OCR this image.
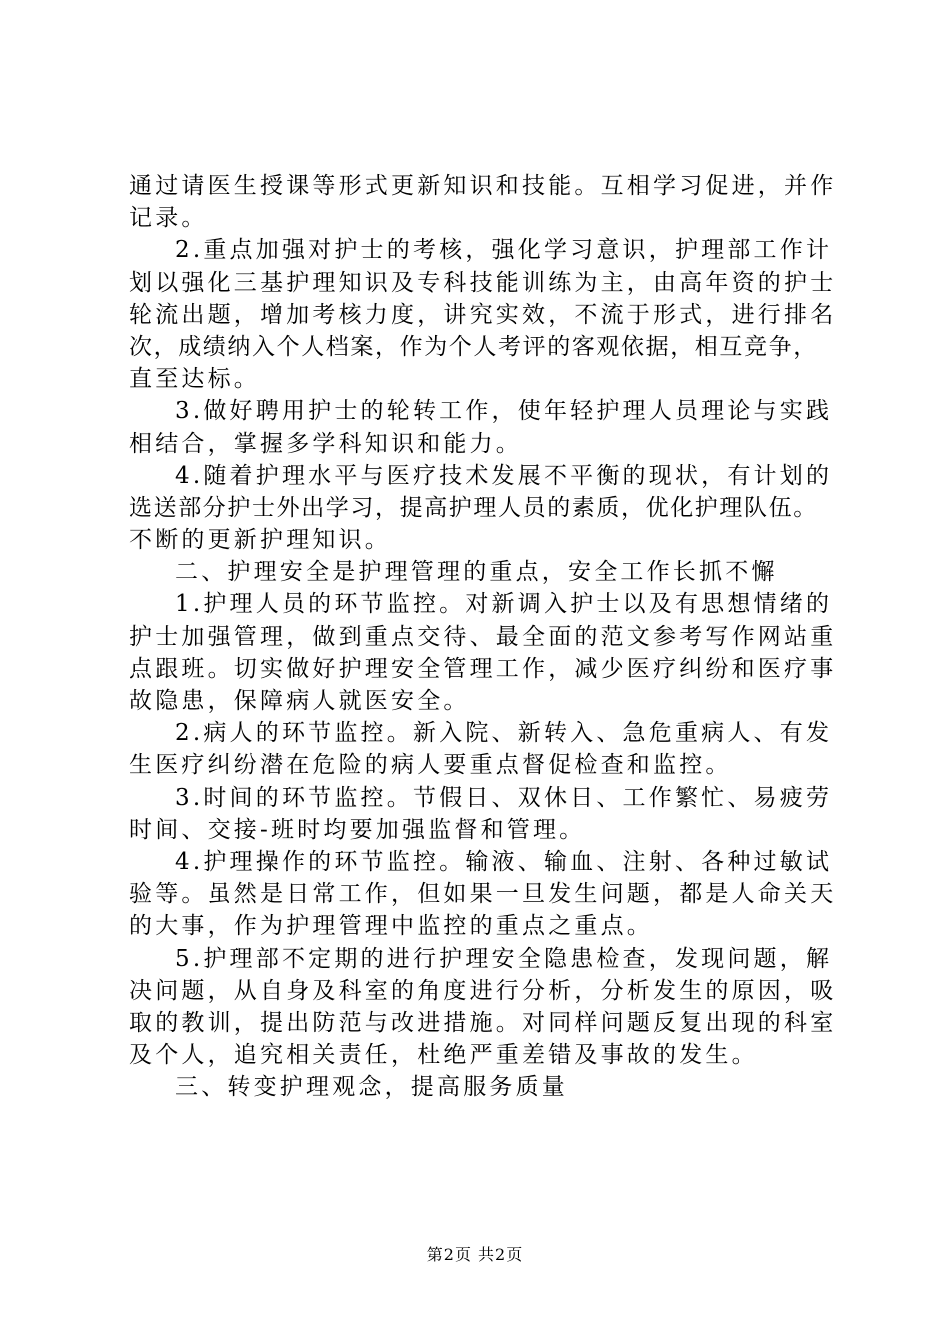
通过请医生授课等形式更新知识和技能。互相学习促进，并作
记录。
2.重点加强对护士的考核，强化学习意识，护理部工作计
划以强化三基护理知识及专科技能训练为主，由高年资的护士
轮流出题，增加考核力度，讲究实效，不流于形式，进行排名
次，成绩纳入个人档案，作为个人考评的客观依据，相互竞争，
直至达标。
3.做好聘用护士的轮转工作，使年轻护理人员理论与实践
相结合，掌握多学科知识和能力。
4.随着护理水平与医疗技术发展不平衡的现状，有计划的
选送部分护士外出学习，提高护理人员的素质，优化护理队伍。
不断的更新护理知识。
二、护理安全是护理管理的重点，安全工作长抓不懈
1.护理人员的环节监控。对新调入护士以及有思想情绪的
护士加强管理，做到重点交待、最全面的范文参考写作网站重
点跟班。切实做好护理安全管理工作，减少医疗纠纷和医疗事
故隐患，保障病人就医安全。
2.病人的环节监控。新入院、新转入、急危重病人、有发
生医疗纠纷潜在危险的病人要重点督促检查和监控。
3.时间的环节监控。节假日、双休日、工作繁忙、易疲劳
时间、交接-班时均要加强监督和管理。
4.护理操作的环节监控。输液、输血、注射、各种过敏试
验等。虽然是日常工作，但如果一旦发生问题，都是人命关天
的大事，作为护理管理中监控的重点之重点。
5.护理部不定期的进行护理安全隐患检查，发现问题，解
决问题，从自身及科室的角度进行分析，分析发生的原因，吸
取的教训，提出防范与改进措施。对同样问题反复出现的科室
及个人，追究相关责任，杜绝严重差错及事故的发生。
三、转变护理观念，提高服务质量
第2页 共2页
